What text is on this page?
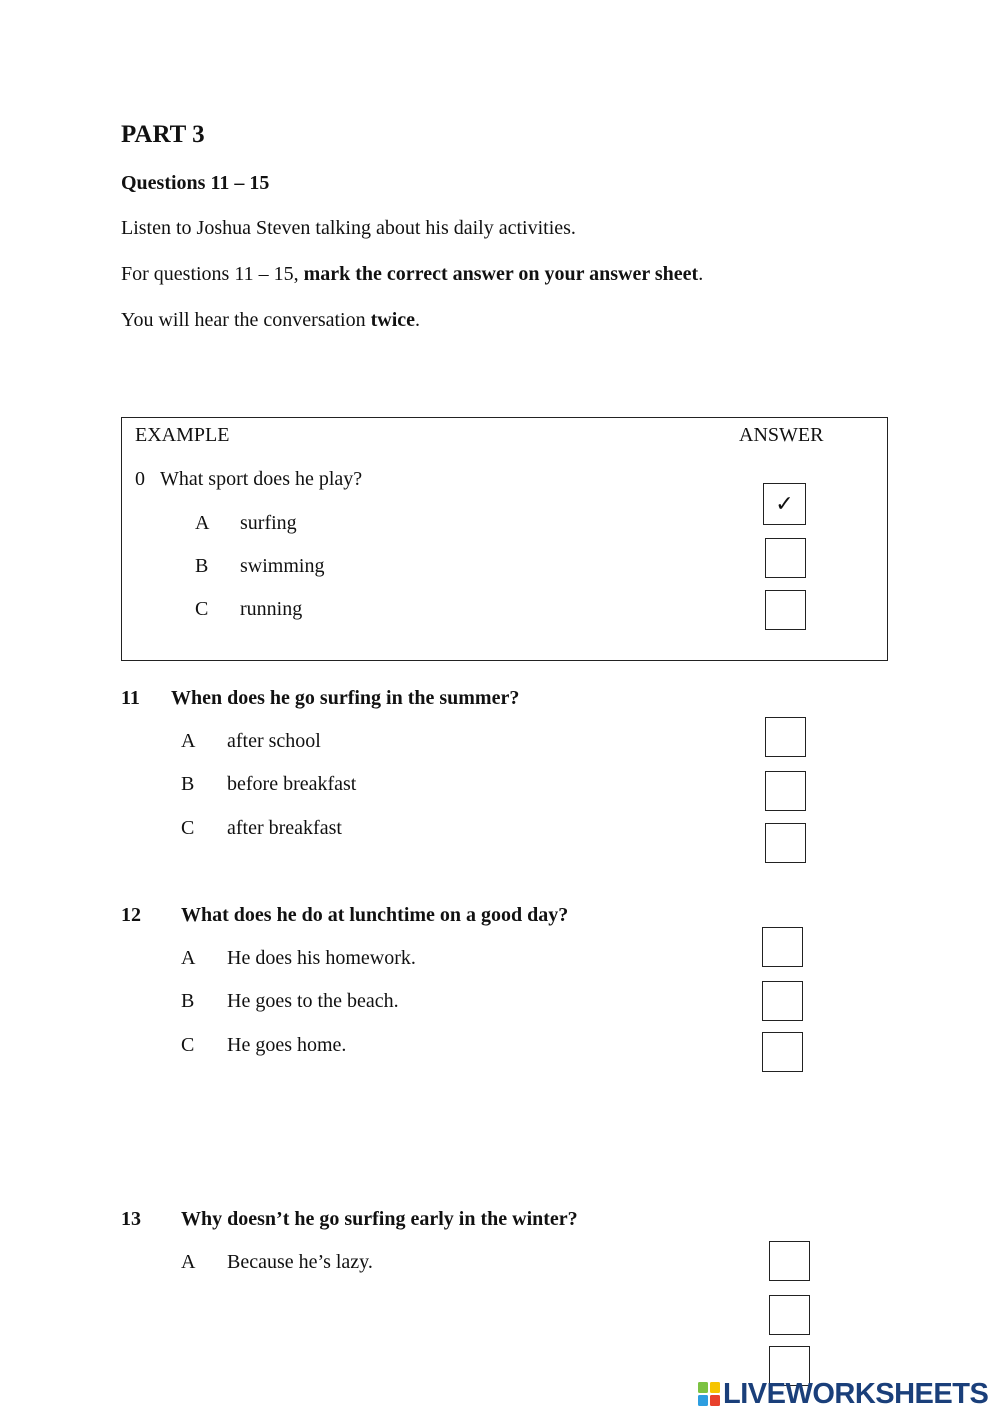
PART 3
Questions 11 – 15
Listen to Joshua Steven talking about his daily activities.
For questions 11 – 15, mark the correct answer on your answer sheet.
You will hear the conversation twice.
EXAMPLE	ANSWER
0 What sport does he play?
A surfing
B swimming
C running
✓
11 When does he go surfing in the summer?
A after school
B before breakfast
C after breakfast
12 What does he do at lunchtime on a good day?
A He does his homework.
B He goes to the beach.
C He goes home.
13 Why doesn’t he go surfing early in the winter?
A Because he’s lazy.
LIVEWORKSHEETS
